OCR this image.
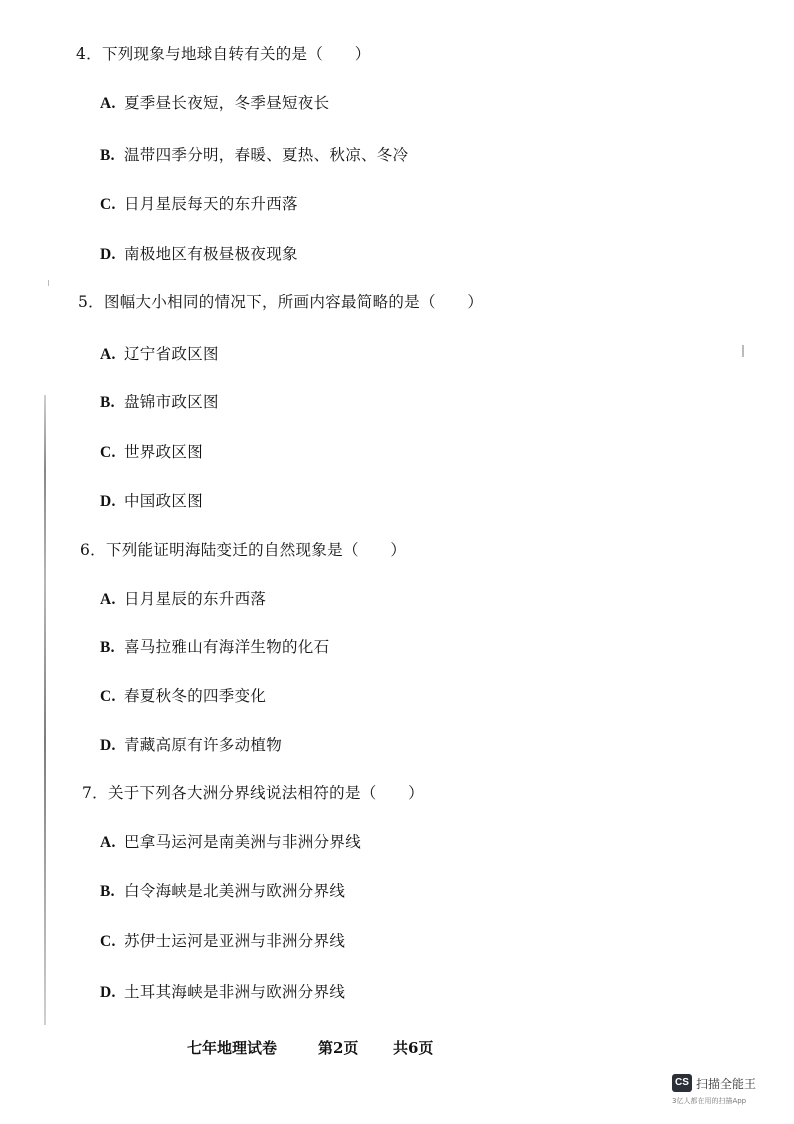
4．下列现象与地球自转有关的是（　　）
A. 夏季昼长夜短，冬季昼短夜长
B. 温带四季分明，春暖、夏热、秋凉、冬冷
C. 日月星辰每天的东升西落
D. 南极地区有极昼极夜现象
5．图幅大小相同的情况下，所画内容最简略的是（　　）
A. 辽宁省政区图
B. 盘锦市政区图
C. 世界政区图
D. 中国政区图
6．下列能证明海陆变迁的自然现象是（　　）
A. 日月星辰的东升西落
B. 喜马拉雅山有海洋生物的化石
C. 春夏秋冬的四季变化
D. 青藏高原有许多动植物
7．关于下列各大洲分界线说法相符的是（　　）
A. 巴拿马运河是南美洲与非洲分界线
B. 白令海峡是北美洲与欧洲分界线
C. 苏伊士运河是亚洲与非洲分界线
D. 土耳其海峡是非洲与欧洲分界线
七年地理试卷	第2页 共6页
CS 扫描全能王
3亿人都在用的扫描App
